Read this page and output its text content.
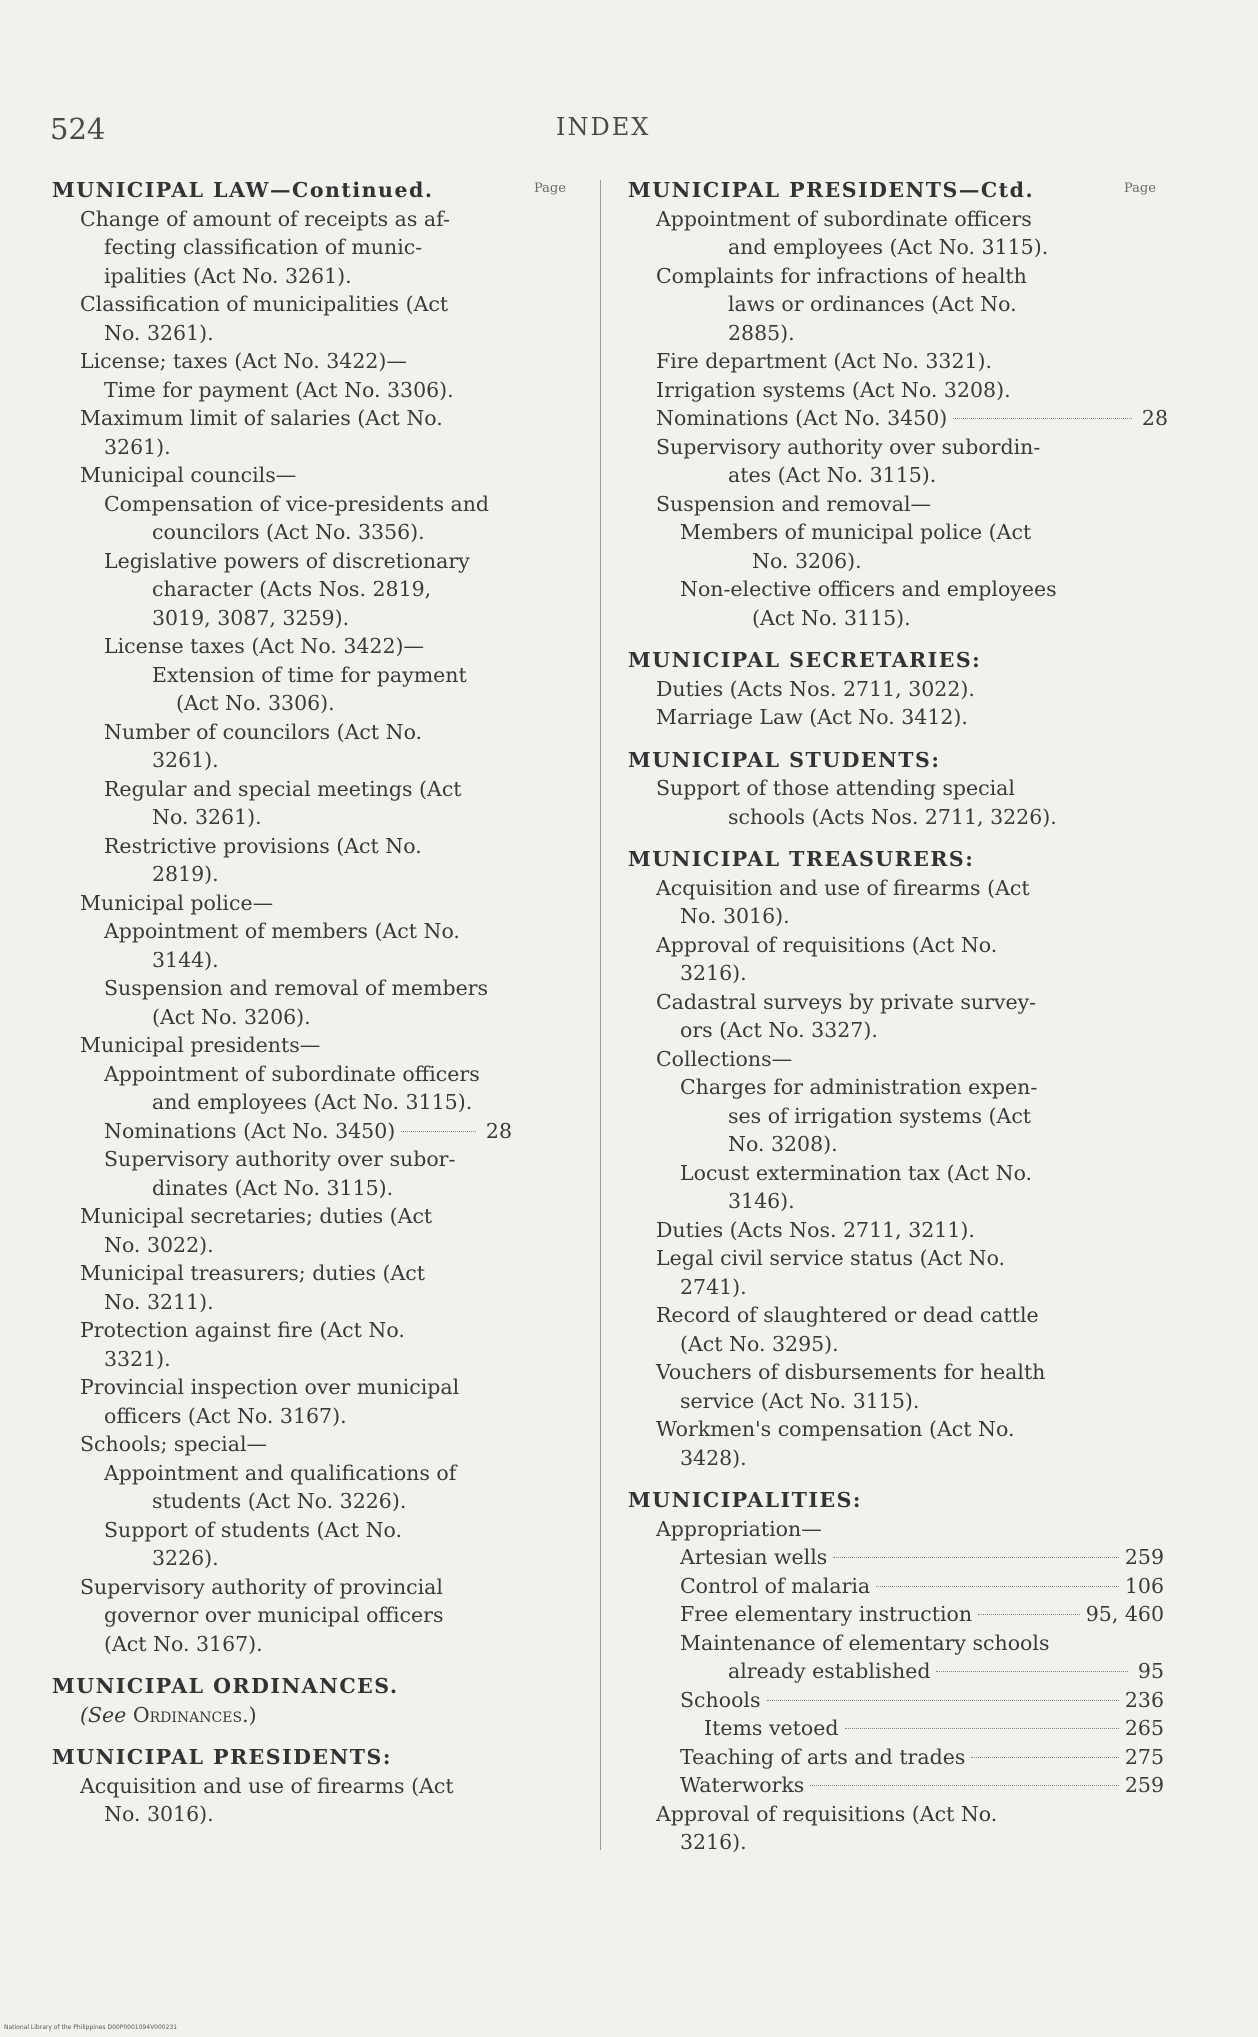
524	INDEX
Page	Page
MUNICIPAL LAW—Continued.
Change of amount of receipts as af-
fecting classification of munic-
ipalities (Act No. 3261).
Classification of municipalities (Act
No. 3261).
License; taxes (Act No. 3422)—
Time for payment (Act No. 3306).
Maximum limit of salaries (Act No.
3261).
Municipal councils—
Compensation of vice-presidents and
councilors (Act No. 3356).
Legislative powers of discretionary
character (Acts Nos. 2819,
3019, 3087, 3259).
License taxes (Act No. 3422)—
Extension of time for payment
(Act No. 3306).
Number of councilors (Act No.
3261).
Regular and special meetings (Act
No. 3261).
Restrictive provisions (Act No.
2819).
Municipal police—
Appointment of members (Act No.
3144).
Suspension and removal of members
(Act No. 3206).
Municipal presidents—
Appointment of subordinate officers
and employees (Act No. 3115).
Nominations (Act No. 3450)	28
Supervisory authority over subor-
dinates (Act No. 3115).
Municipal secretaries; duties (Act
No. 3022).
Municipal treasurers; duties (Act
No. 3211).
Protection against fire (Act No.
3321).
Provincial inspection over municipal
officers (Act No. 3167).
Schools; special—
Appointment and qualifications of
students (Act No. 3226).
Support of students (Act No.
3226).
Supervisory authority of provincial
governor over municipal officers
(Act No. 3167).
MUNICIPAL ORDINANCES.
(See Ordinances.)
MUNICIPAL PRESIDENTS:
Acquisition and use of firearms (Act
No. 3016).
MUNICIPAL PRESIDENTS—Ctd.
Appointment of subordinate officers
and employees (Act No. 3115).
Complaints for infractions of health
laws or ordinances (Act No.
2885).
Fire department (Act No. 3321).
Irrigation systems (Act No. 3208).
Nominations (Act No. 3450)	28
Supervisory authority over subordin-
ates (Act No. 3115).
Suspension and removal—
Members of municipal police (Act
No. 3206).
Non-elective officers and employees
(Act No. 3115).
MUNICIPAL SECRETARIES:
Duties (Acts Nos. 2711, 3022).
Marriage Law (Act No. 3412).
MUNICIPAL STUDENTS:
Support of those attending special
schools (Acts Nos. 2711, 3226).
MUNICIPAL TREASURERS:
Acquisition and use of firearms (Act
No. 3016).
Approval of requisitions (Act No.
3216).
Cadastral surveys by private survey-
ors (Act No. 3327).
Collections—
Charges for administration expen-
ses of irrigation systems (Act
No. 3208).
Locust extermination tax (Act No.
3146).
Duties (Acts Nos. 2711, 3211).
Legal civil service status (Act No.
2741).
Record of slaughtered or dead cattle
(Act No. 3295).
Vouchers of disbursements for health
service (Act No. 3115).
Workmen's compensation (Act No.
3428).
MUNICIPALITIES:
Appropriation—
Artesian wells	259
Control of malaria	106
Free elementary instruction	95, 460
Maintenance of elementary schools
already established	95
Schools	236
Items vetoed	265
Teaching of arts and trades	275
Waterworks	259
Approval of requisitions (Act No.
3216).
National Library of the Philippines D00P0001094V000231
